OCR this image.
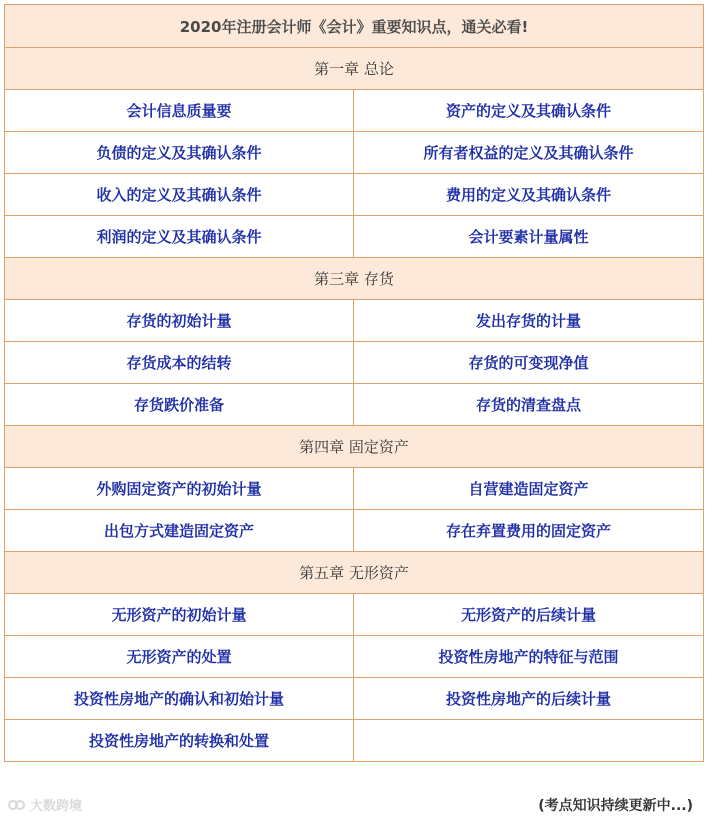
2020年注册会计师《会计》重要知识点，通关必看!	
第一章 总论	
会计信息质量要	资产的定义及其确认条件
负债的定义及其确认条件	所有者权益的定义及其确认条件
收入的定义及其确认条件	费用的定义及其确认条件
利润的定义及其确认条件	会计要素计量属性
第三章 存货	
存货的初始计量	发出存货的计量
存货成本的结转	存货的可变现净值
存货跌价准备	存货的清查盘点
第四章 固定资产	
外购固定资产的初始计量	自营建造固定资产
出包方式建造固定资产	存在弃置费用的固定资产
第五章 无形资产	
无形资产的初始计量	无形资产的后续计量
无形资产的处置	投资性房地产的特征与范围
投资性房地产的确认和初始计量	投资性房地产的后续计量
投资性房地产的转换和处置	
大数跨境	(考点知识持续更新中...)
